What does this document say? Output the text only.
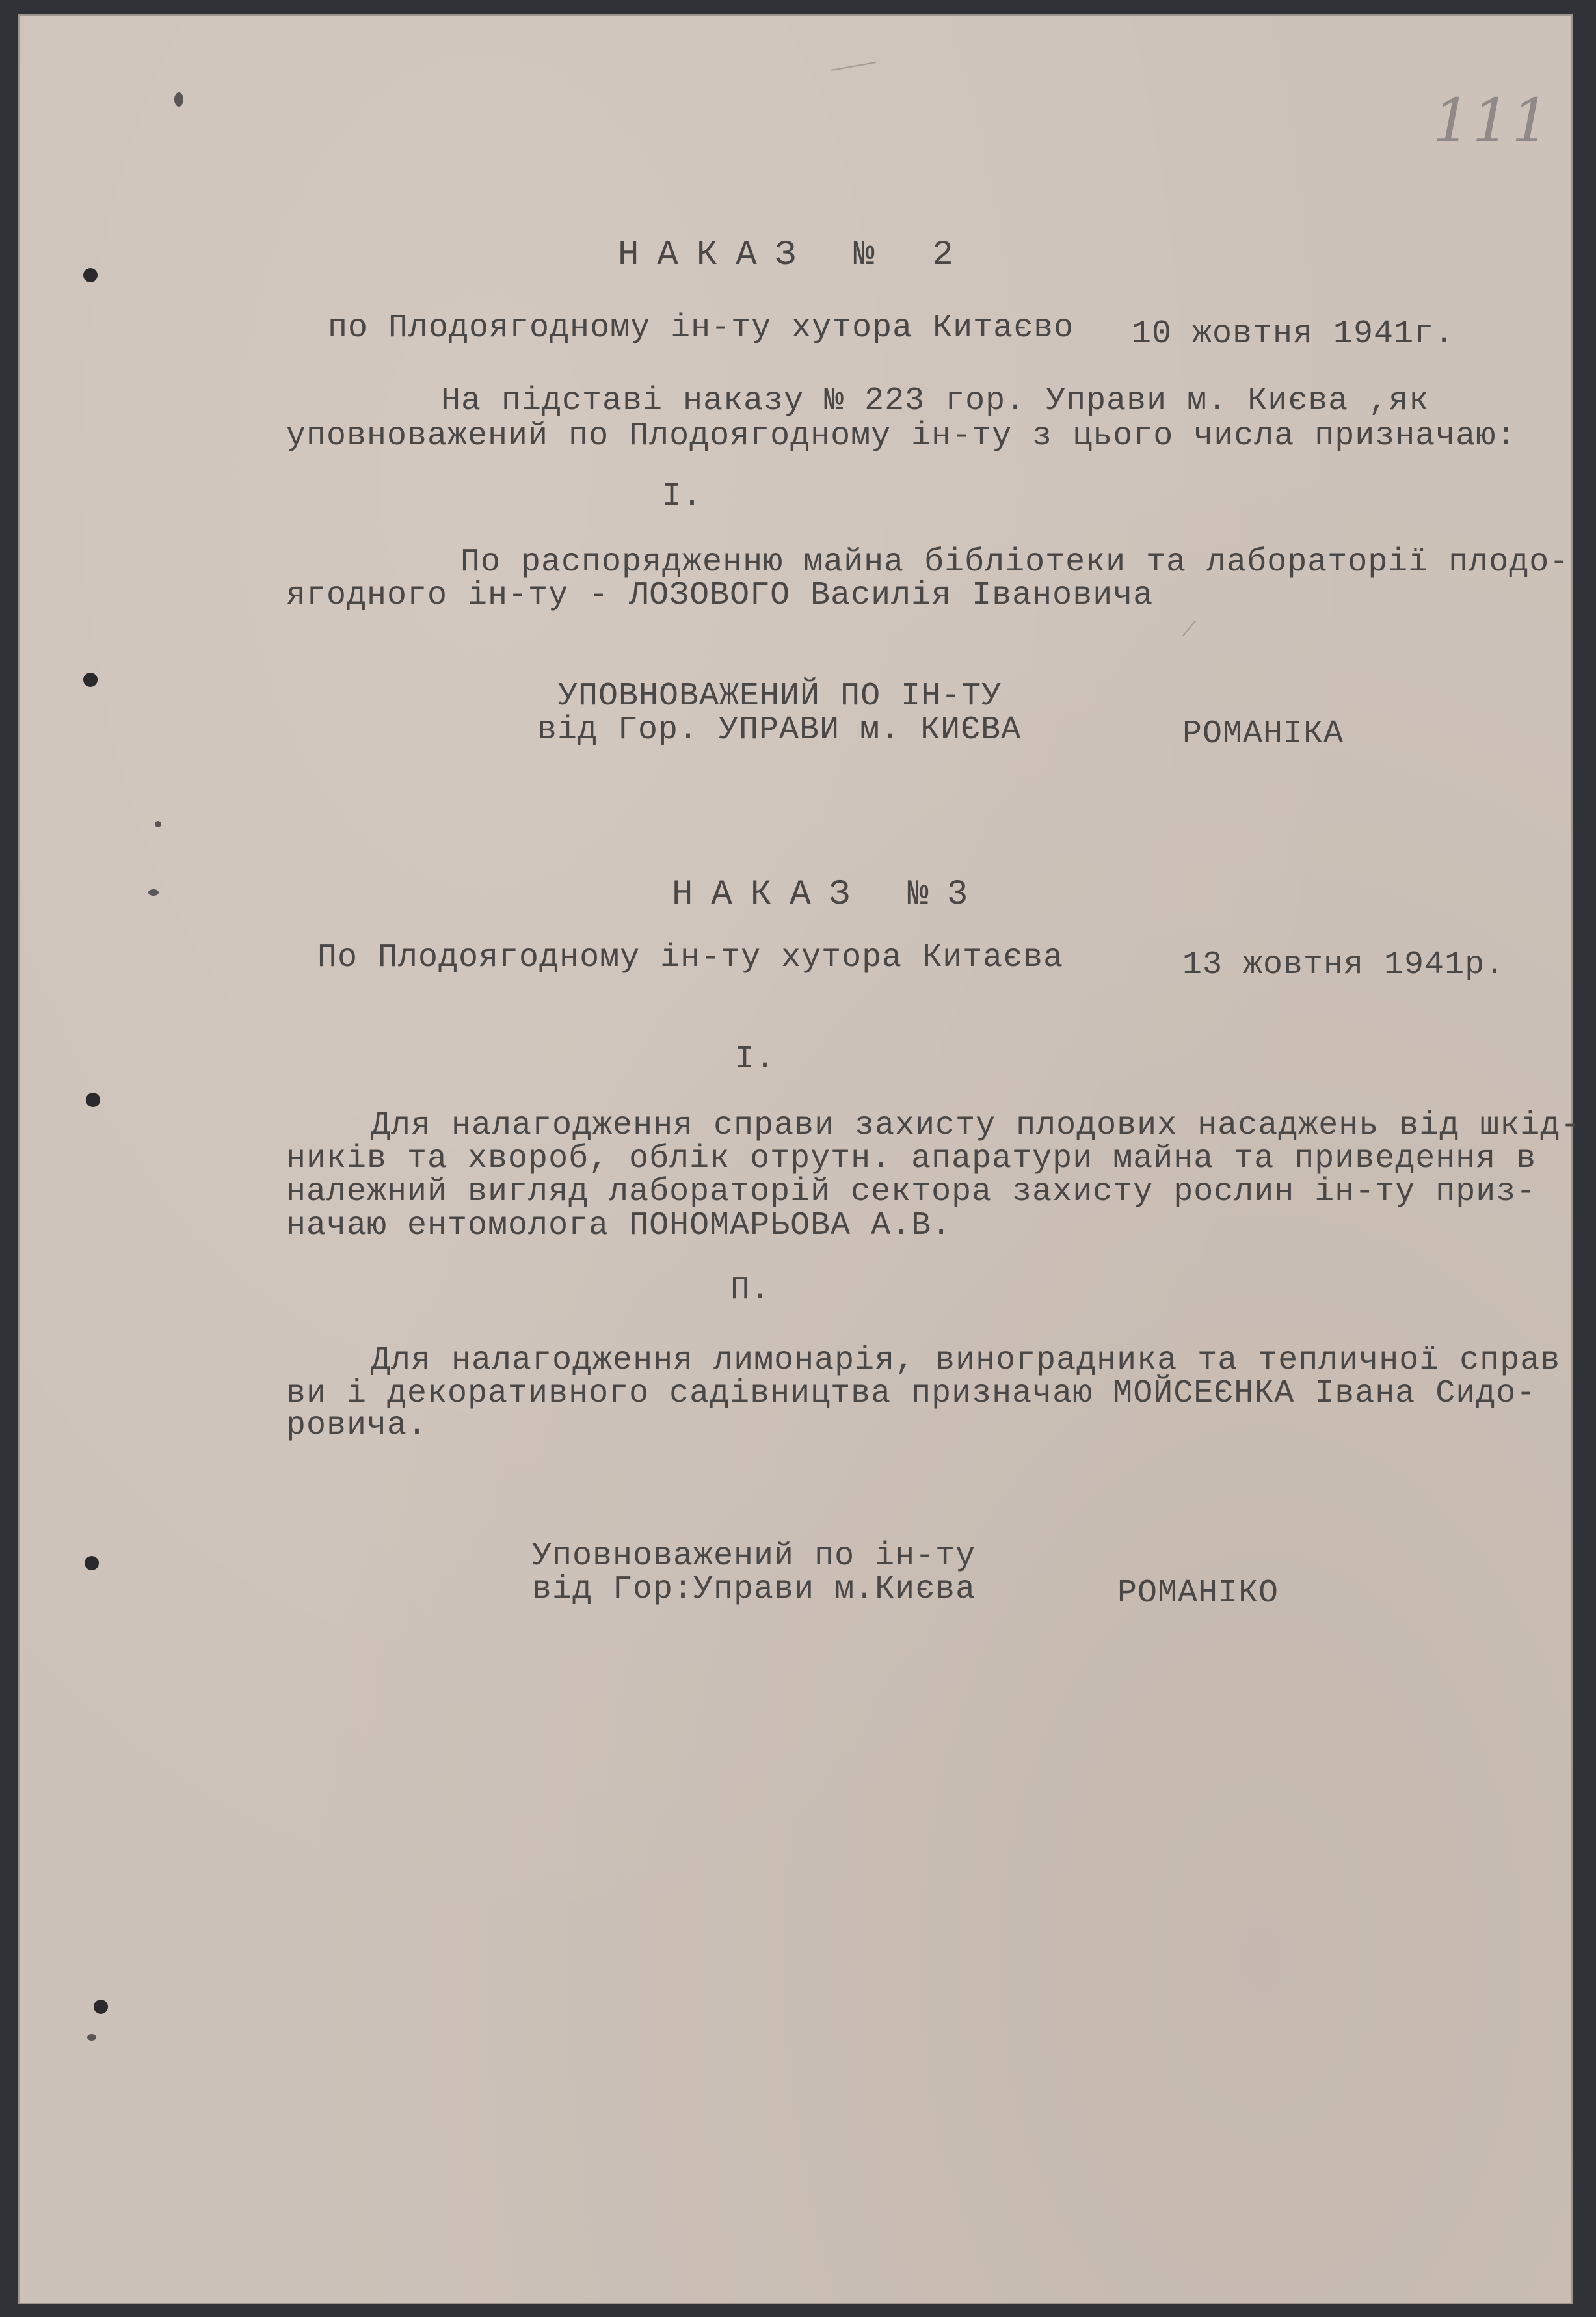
111
НАКАЗ № 2
по Плодоягодному ін-ту хутора Китаєво 10 жовтня 1941г.
На підставі наказу № 223 гор. Управи м. Києва ,як
уповноважений по Плодоягодному ін-ту з цього числа призначаю:
І.
По распорядженню майна бібліотеки та лабораторії плодо-
ягодного ін-ту - ЛОЗОВОГО Василія Івановича
УПОВНОВАЖЕНИЙ ПО ІН-ТУ
від Гор. УПРАВИ м. КИЄВА	РОМАНІКА
НАКАЗ №3
По Плодоягодному ін-ту хутора Китаєва	13 жовтня 1941р.
І.
Для налагодження справи захисту плодових насаджень від шкід-
ників та хвороб, облік отрутн. апаратури майна та приведення в
належний вигляд лабораторій сектора захисту рослин ін-ту приз-
начаю ентомолога ПОНОМАРЬОВА А.В.
П.
Для налагодження лимонарія, виноградника та тепличної справ
ви і декоративного садівництва призначаю МОЙСЕЄНКА Івана Сидо-
ровича.
Уповноважений по ін-ту
від Гор:Управи м.Києва	РОМАНІКО
